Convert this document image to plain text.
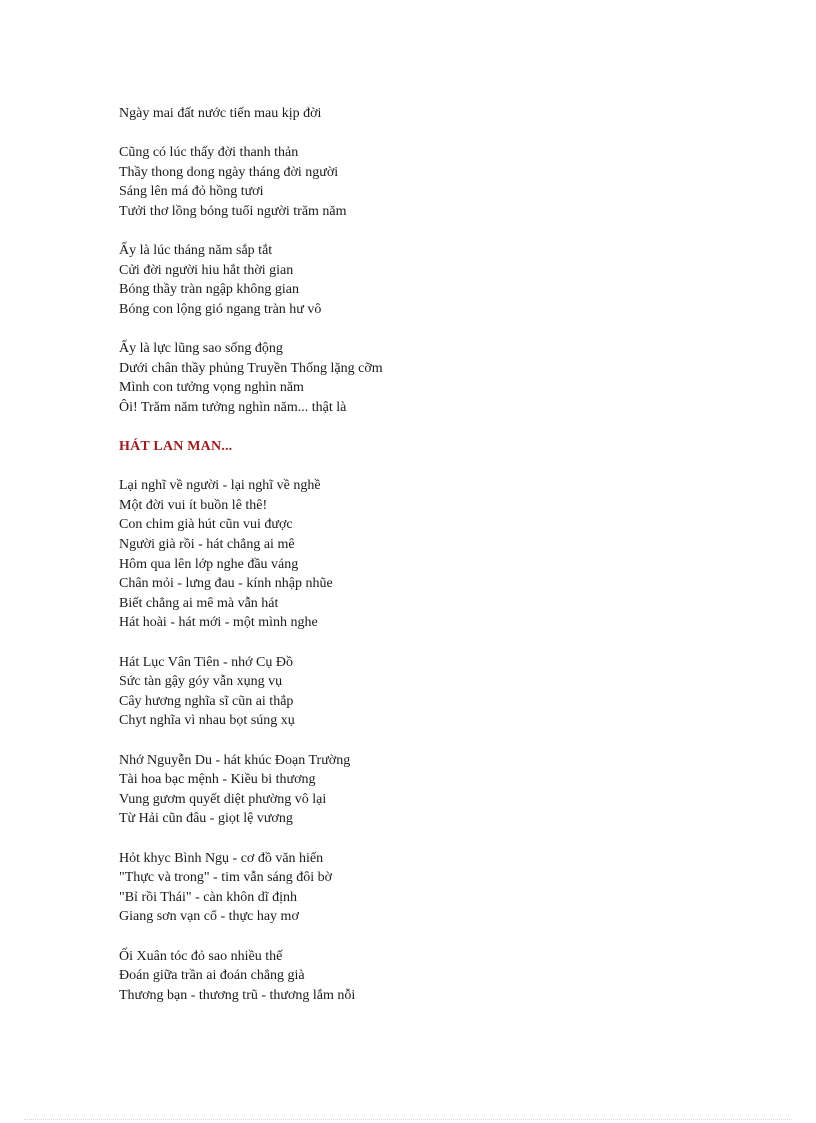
Ngày mai đất nước tiến mau kịp đời
Cũng có lúc thấy đời thanh thản
Thầy thong dong ngày tháng đời người
Sáng lên má đỏ hồng tươi
Tưởi thơ lồng bóng tuổi người trăm năm
Ấy là lúc tháng năm sắp tắt
Cửi đời người hiu hắt thời gian
Bóng thầy tràn ngập không gian
Bóng con lộng gió ngang tràn hư vô
Ấy là lực lũng sao sống động
Dưới chân thầy phủng Truyền Thống lặng cỡm
Mình con tưởng vọng nghìn năm
Ôi! Trăm năm tưởng nghìn năm... thật là
HÁT LAN MAN...
Lại nghĩ về người - lại nghĩ về nghề
Một đời vui ít buồn lê thê!
Con chim già hút cũn vui được
Người già rồi - hát chẳng ai mê
Hôm qua lên lớp nghe đầu váng
Chân mỏi - lưng đau - kính nhập nhũe
Biết chẳng ai mê mà vẫn hát
Hát hoài - hát mới - một mình nghe
Hát Lục Vân Tiên - nhớ Cụ Đồ
Sức tàn gậy góy vẫn xụng vụ
Cây hương nghĩa sĩ cũn ai thắp
Chyt nghĩa vì nhau bọt súng xụ
Nhớ Nguyễn Du - hát khúc Đoạn Trường
Tài hoa bạc mệnh - Kiều bi thương
Vung gươm quyết diệt phường vô lại
Từ Hải cũn đâu - giọt lệ vương
Hỏt khyc Bình Ngụ - cơ đồ văn hiến
"Thực và trong" - tim vẫn sáng đôi bờ
"Bỉ rồi Thái" - càn khôn dĩ định
Giang sơn vạn cổ - thực hay mơ
Ối Xuân tóc đỏ sao nhiều thế
Đoán giữa trần ai đoán chẳng già
Thương bạn - thương trũ - thương lắm nỗi
